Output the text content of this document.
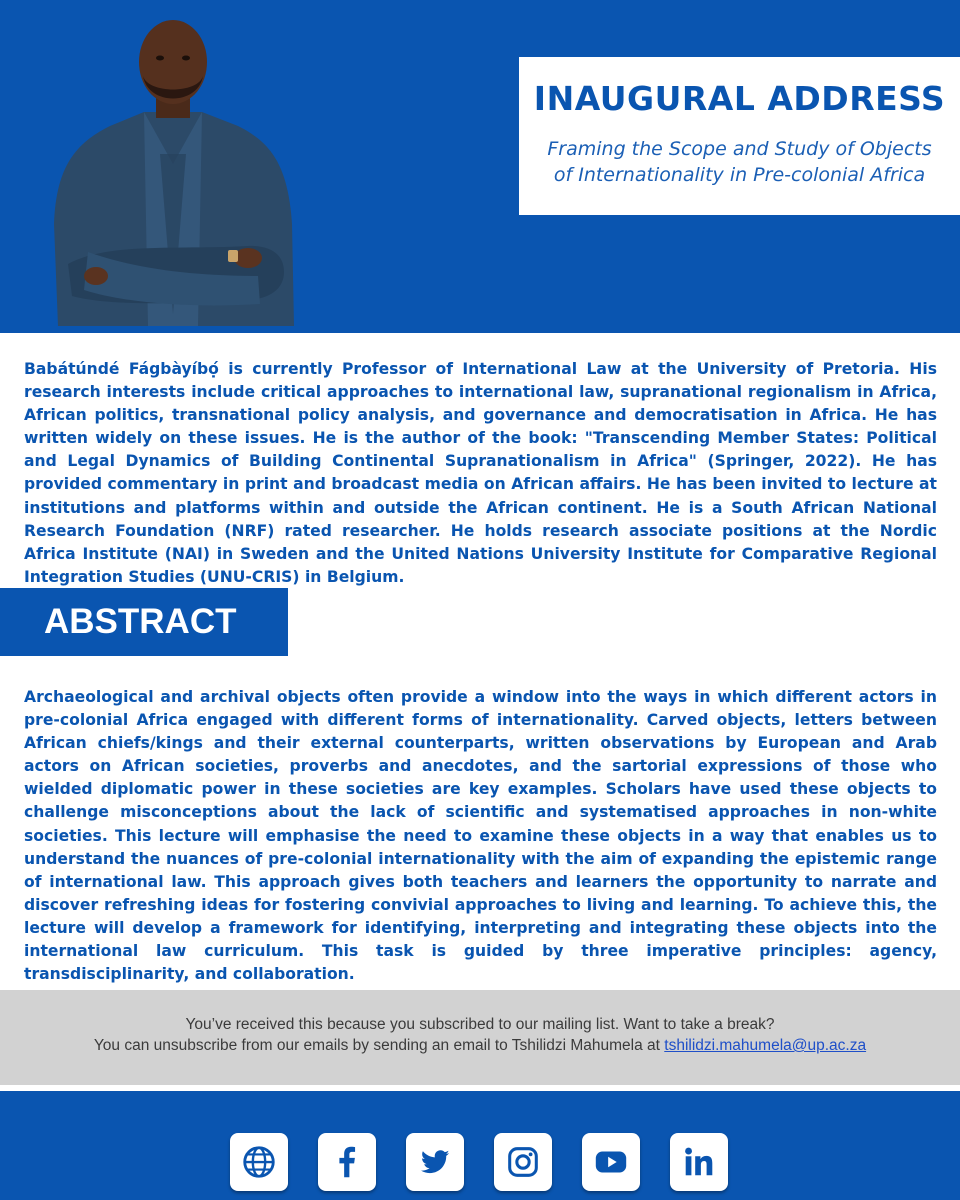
INAUGURAL ADDRESS
Framing the Scope and Study of Objects of Internationality in Pre-colonial Africa

Babátúndé Fágbàyíbọ́ is currently Professor of International Law at the University of Pretoria. His research interests include critical approaches to international law, supranational regionalism in Africa, African politics, transnational policy analysis, and governance and democratisation in Africa. He has written widely on these issues. He is the author of the book: "Transcending Member States: Political and Legal Dynamics of Building Continental Supranationalism in Africa" (Springer, 2022). He has provided commentary in print and broadcast media on African affairs. He has been invited to lecture at institutions and platforms within and outside the African continent. He is a South African National Research Foundation (NRF) rated researcher. He holds research associate positions at the Nordic Africa Institute (NAI) in Sweden and the United Nations University Institute for Comparative Regional Integration Studies (UNU-CRIS) in Belgium.

ABSTRACT

Archaeological and archival objects often provide a window into the ways in which different actors in pre-colonial Africa engaged with different forms of internationality. Carved objects, letters between African chiefs/kings and their external counterparts, written observations by European and Arab actors on African societies, proverbs and anecdotes, and the sartorial expressions of those who wielded diplomatic power in these societies are key examples. Scholars have used these objects to challenge misconceptions about the lack of scientific and systematised approaches in non-white societies. This lecture will emphasise the need to examine these objects in a way that enables us to understand the nuances of pre-colonial internationality with the aim of expanding the epistemic range of international law. This approach gives both teachers and learners the opportunity to narrate and discover refreshing ideas for fostering convivial approaches to living and learning. To achieve this, the lecture will develop a framework for identifying, interpreting and integrating these objects into the international law curriculum. This task is guided by three imperative principles: agency, transdisciplinarity, and collaboration.

You’ve received this because you subscribed to our mailing list. Want to take a break?
You can unsubscribe from our emails by sending an email to Tshilidzi Mahumela at tshilidzi.mahumela@up.ac.za
